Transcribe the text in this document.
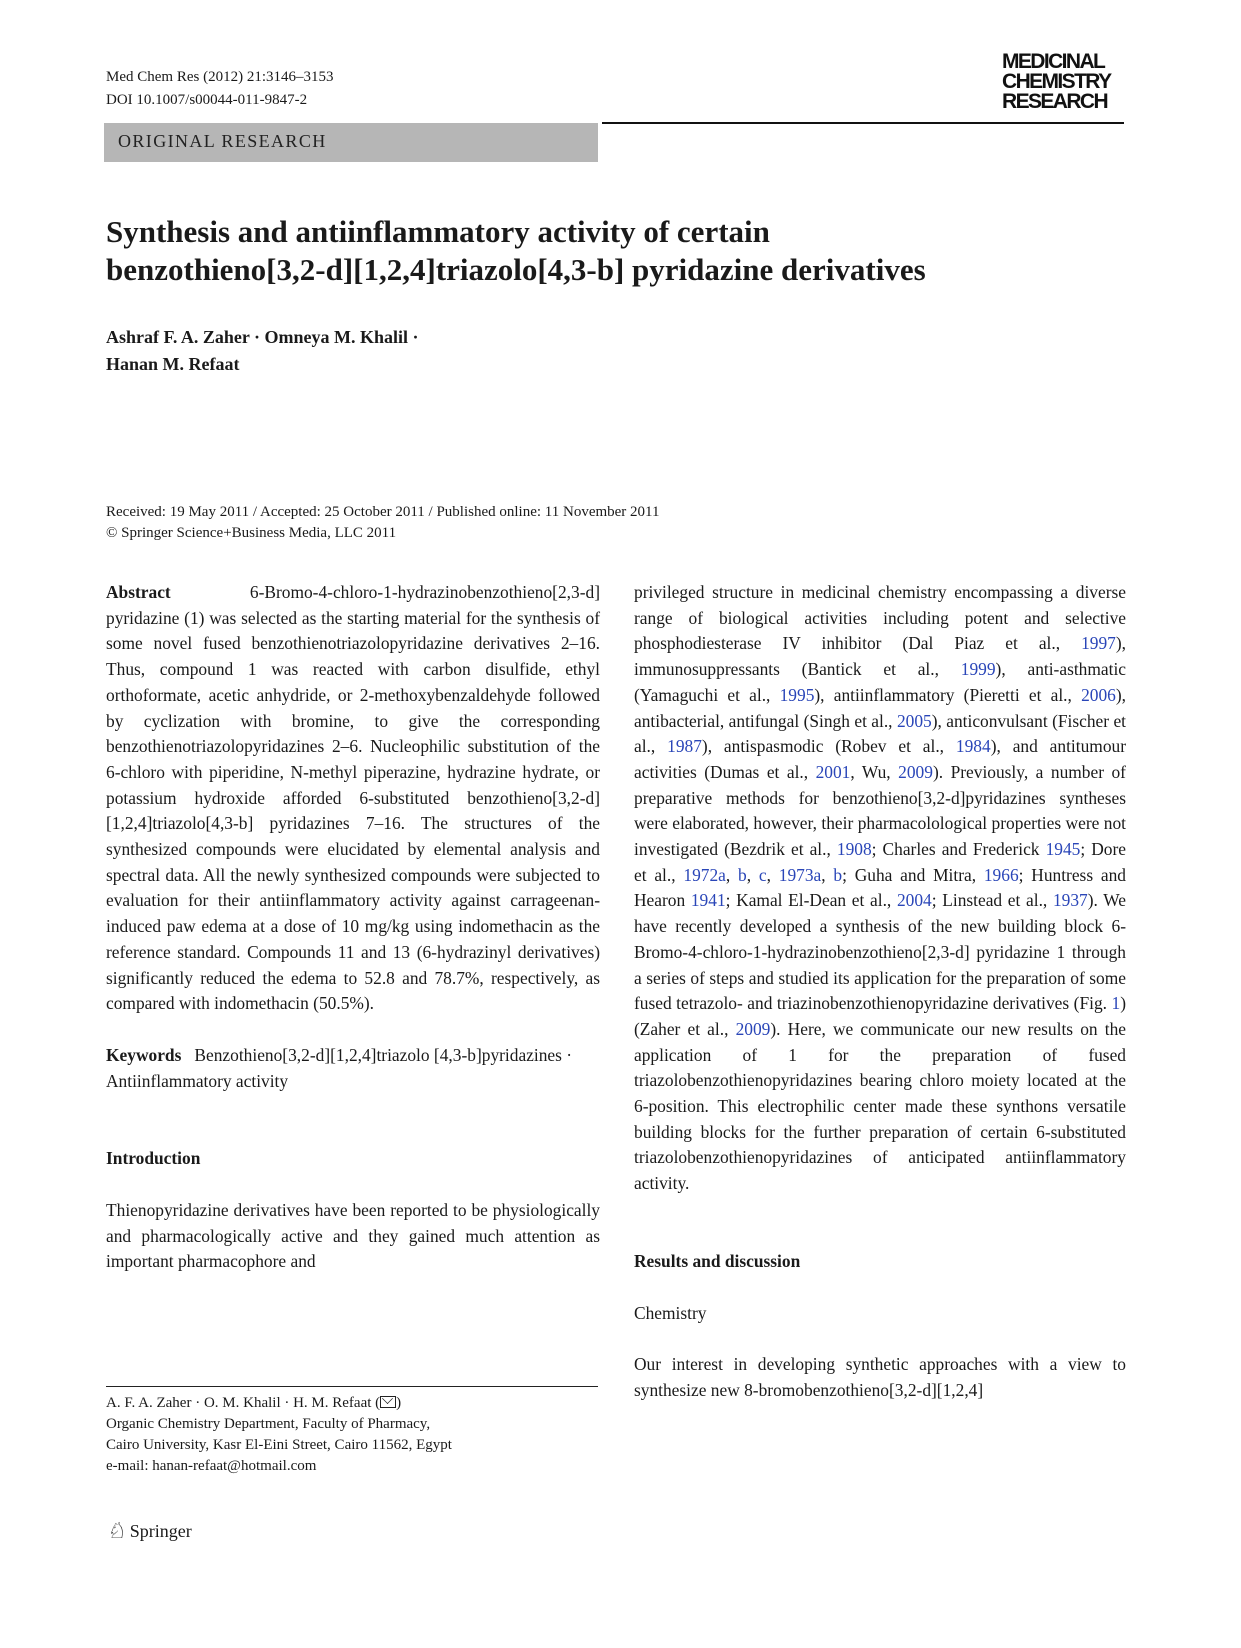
Med Chem Res (2012) 21:3146–3153
DOI 10.1007/s00044-011-9847-2
MEDICINAL
CHEMISTRY
RESEARCH
ORIGINAL RESEARCH
Synthesis and antiinflammatory activity of certain
benzothieno[3,2-d][1,2,4]triazolo[4,3-b] pyridazine derivatives
Ashraf F. A. Zaher · Omneya M. Khalil ·
Hanan M. Refaat
Received: 19 May 2011 / Accepted: 25 October 2011 / Published online: 11 November 2011
© Springer Science+Business Media, LLC 2011

Abstract	6-Bromo-4-chloro-1-hydrazinobenzothieno[2,3-d] pyridazine (1) was selected as the starting material for the synthesis of some novel fused benzothienotriazolopyridazine derivatives 2–16. Thus, compound 1 was reacted with carbon disulfide, ethyl orthoformate, acetic anhydride, or 2-methoxybenzaldehyde followed by cyclization with bromine, to give the corresponding benzothienotriazolopyridazines 2–6. Nucleophilic substitution of the 6-chloro with piperidine, N-methyl piperazine, hydrazine hydrate, or potassium hydroxide afforded 6-substituted benzothieno[3,2-d][1,2,4]triazolo[4,3-b] pyridazines 7–16. The structures of the synthesized compounds were elucidated by elemental analysis and spectral data. All the newly synthesized compounds were subjected to evaluation for their antiinflammatory activity against carrageenan-induced paw edema at a dose of 10 mg/kg using indomethacin as the reference standard. Compounds 11 and 13 (6-hydrazinyl derivatives) significantly reduced the edema to 52.8 and 78.7%, respectively, as compared with indomethacin (50.5%).

Keywords Benzothieno[3,2-d][1,2,4]triazolo [4,3-b]pyridazines · Antiinflammatory activity

Introduction

Thienopyridazine derivatives have been reported to be physiologically and pharmacologically active and they gained much attention as important pharmacophore and

privileged structure in medicinal chemistry encompassing a diverse range of biological activities including potent and selective phosphodiesterase IV inhibitor (Dal Piaz et al., 1997), immunosuppressants (Bantick et al., 1999), anti-asthmatic (Yamaguchi et al., 1995), antiinflammatory (Pieretti et al., 2006), antibacterial, antifungal (Singh et al., 2005), anticonvulsant (Fischer et al., 1987), antispasmodic (Robev et al., 1984), and antitumour activities (Dumas et al., 2001, Wu, 2009). Previously, a number of preparative methods for benzothieno[3,2-d]pyridazines syntheses were elaborated, however, their pharmacolological properties were not investigated (Bezdrik et al., 1908; Charles and Frederick 1945; Dore et al., 1972a, b, c, 1973a, b; Guha and Mitra, 1966; Huntress and Hearon 1941; Kamal El-Dean et al., 2004; Linstead et al., 1937). We have recently developed a synthesis of the new building block 6-Bromo-4-chloro-1-hydrazinobenzothieno[2,3-d] pyridazine 1 through a series of steps and studied its application for the preparation of some fused tetrazolo- and triazinobenzothienopyridazine derivatives (Fig. 1) (Zaher et al., 2009). Here, we communicate our new results on the application of 1 for the preparation of fused triazolobenzothienopyridazines bearing chloro moiety located at the 6-position. This electrophilic center made these synthons versatile building blocks for the further preparation of certain 6-substituted triazolobenzothienopyridazines of anticipated antiinflammatory activity.

Results and discussion

Chemistry

Our interest in developing synthetic approaches with a view to synthesize new 8-bromobenzothieno[3,2-d][1,2,4]

A. F. A. Zaher · O. M. Khalil · H. M. Refaat ( )
Organic Chemistry Department, Faculty of Pharmacy,
Cairo University, Kasr El-Eini Street, Cairo 11562, Egypt
e-mail: hanan-refaat@hotmail.com
♘ Springer
